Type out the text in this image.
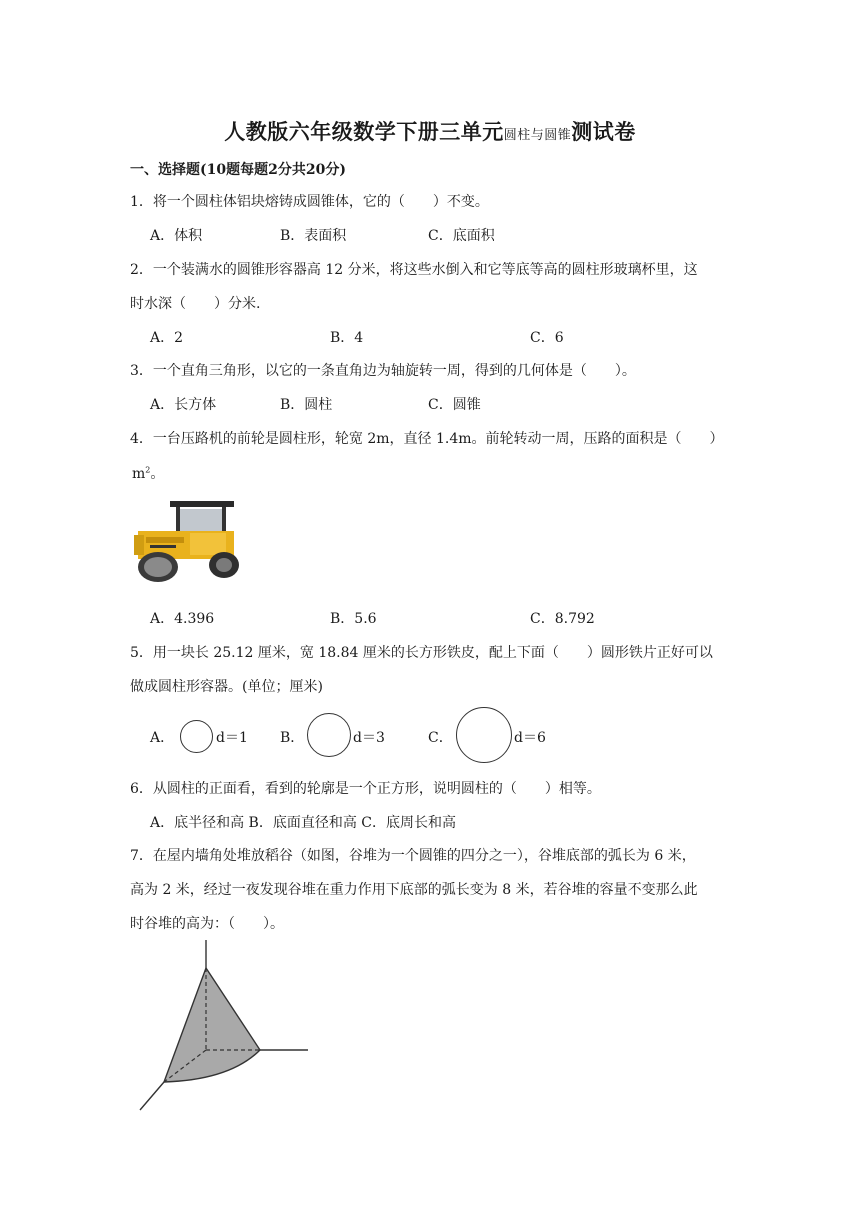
人教版六年级数学下册三单元圆柱与圆锥测试卷
一、选择题(10题每题2分共20分)
1．将一个圆柱体铝块熔铸成圆锥体，它的（　　）不变。
A．体积	B．表面积	C．底面积
2．一个装满水的圆锥形容器高 12 分米，将这些水倒入和它等底等高的圆柱形玻璃杯里，这
时水深（　　）分米.
A．2	B．4	C．6
3．一个直角三角形，以它的一条直角边为轴旋转一周，得到的几何体是（　　）。
A．长方体	B．圆柱	C．圆锥
4．一台压路机的前轮是圆柱形，轮宽 2m，直径 1.4m。前轮转动一周，压路的面积是（　　）
$m^2$。
A．4.396	B．5.6	C．8.792
5．用一块长 25.12 厘米，宽 18.84 厘米的长方形铁皮，配上下面（　　）圆形铁片正好可以
做成圆柱形容器。(单位；厘米)
A．	d＝1 B．	d＝3	C．	d＝6
6．从圆柱的正面看，看到的轮廓是一个正方形，说明圆柱的（　　）相等。
A．底半径和高 B．底面直径和高 C．底周长和高
7．在屋内墙角处堆放稻谷（如图，谷堆为一个圆锥的四分之一），谷堆底部的弧长为 6 米，
高为 2 米，经过一夜发现谷堆在重力作用下底部的弧长变为 8 米，若谷堆的容量不变那么此
时谷堆的高为：（　　）。
